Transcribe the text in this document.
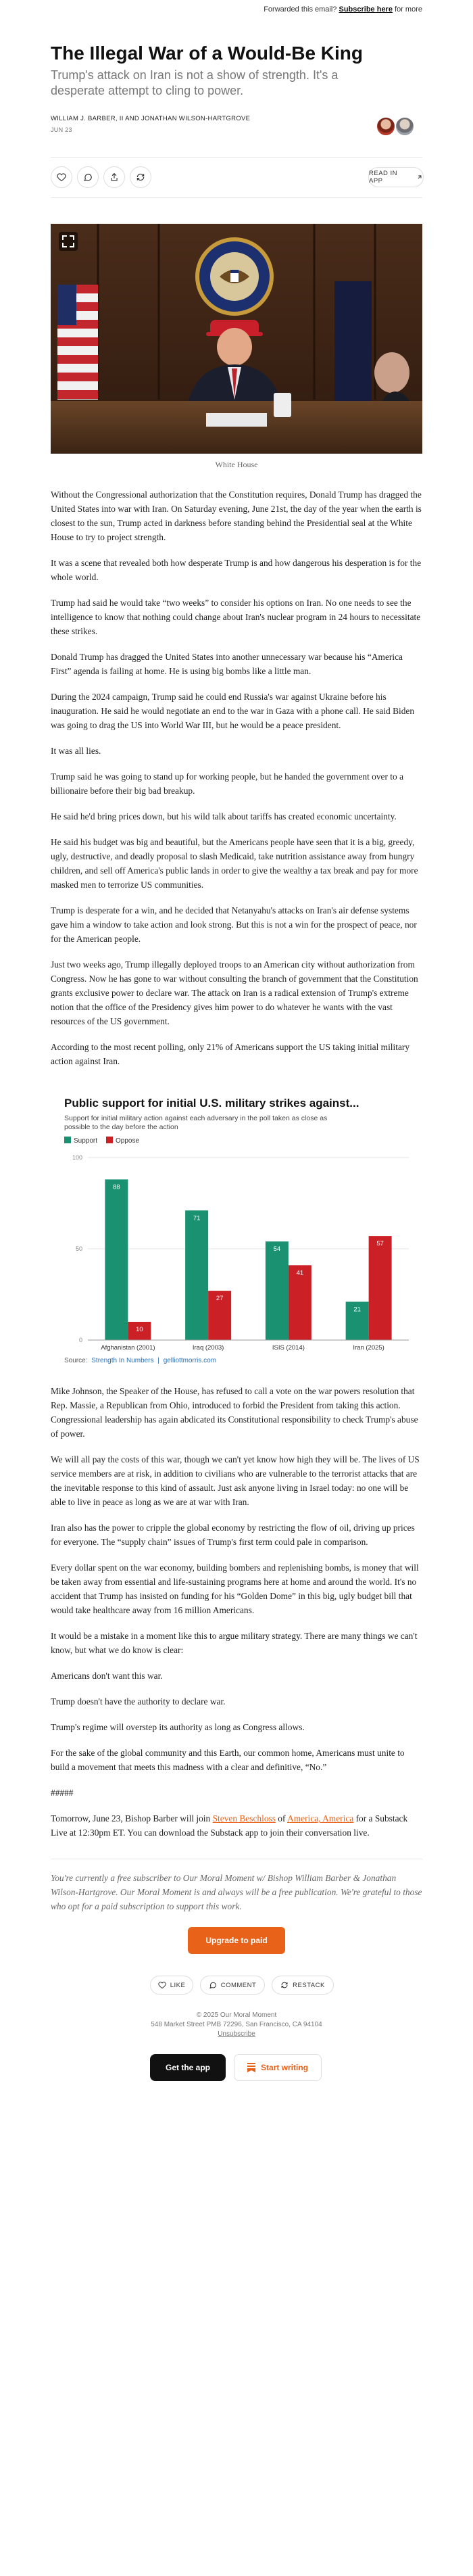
Forwarded this email? Subscribe here for more
The Illegal War of a Would-Be King
Trump's attack on Iran is not a show of strength. It's a desperate attempt to cling to power.
WILLIAM J. BARBER, II AND JONATHAN WILSON-HARTGROVE
JUN 23
READ IN APP
White House

Without the Congressional authorization that the Constitution requires, Donald Trump has dragged the United States into war with Iran. On Saturday evening, June 21st, the day of the year when the earth is closest to the sun, Trump acted in darkness before standing behind the Presidential seal at the White House to try to project strength.

It was a scene that revealed both how desperate Trump is and how dangerous his desperation is for the whole world.

Trump had said he would take “two weeks” to consider his options on Iran. No one needs to see the intelligence to know that nothing could change about Iran's nuclear program in 24 hours to necessitate these strikes.

Donald Trump has dragged the United States into another unnecessary war because his “America First” agenda is failing at home. He is using big bombs like a little man.

During the 2024 campaign, Trump said he could end Russia's war against Ukraine before his inauguration. He said he would negotiate an end to the war in Gaza with a phone call. He said Biden was going to drag the US into World War III, but he would be a peace president.

It was all lies.

Trump said he was going to stand up for working people, but he handed the government over to a billionaire before their big bad breakup.

He said he'd bring prices down, but his wild talk about tariffs has created economic uncertainty.

He said his budget was big and beautiful, but the Americans people have seen that it is a big, greedy, ugly, destructive, and deadly proposal to slash Medicaid, take nutrition assistance away from hungry children, and sell off America's public lands in order to give the wealthy a tax break and pay for more masked men to terrorize US communities.

Trump is desperate for a win, and he decided that Netanyahu's attacks on Iran's air defense systems gave him a window to take action and look strong. But this is not a win for the prospect of peace, nor for the American people.

Public support for initial U.S. military strikes against...
Support for initial military action against each adversary in the poll taken as close as possible to the day before the action
Support	Oppose
0
50
100
88
10
Afghanistan (2001)
71
27
Iraq (2003)
54
41
ISIS (2014)
21
57
Iran (2025)
Source: Strength In Numbers | gelliottmorris.com

Mike Johnson, the Speaker of the House, has refused to call a vote on the war powers resolution that Rep. Massie, a Republican from Ohio, introduced to forbid the President from taking this action. Congressional leadership has again abdicated its Constitutional responsibility to check Trump's abuse of power.

We will all pay the costs of this war, though we can't yet know how high they will be. The lives of US service members are at risk, in addition to civilians who are vulnerable to the terrorist attacks that are the inevitable response to this kind of assault. Just ask anyone living in Israel today: no one will be able to live in peace as long as we are at war with Iran.

Iran also has the power to cripple the global economy by restricting the flow of oil, driving up prices for everyone. The “supply chain” issues of Trump's first term could pale in comparison.

Every dollar spent on the war economy, building bombers and replenishing bombs, is money that will be taken away from essential and life-sustaining programs here at home and around the world. It's no accident that Trump has insisted on funding for his “Golden Dome” in this big, ugly budget bill that would take healthcare away from 16 million Americans.

It would be a mistake in a moment like this to argue military strategy. There are many things we can't know, but what we do know is clear:

Americans don't want this war.

Trump doesn't have the authority to declare war.

Trump's regime will overstep its authority as long as Congress allows.

For the sake of the global community and this Earth, our common home, Americans must unite to build a movement that meets this madness with a clear and definitive, “No.”

#####

Tomorrow, June 23, Bishop Barber will join Steven Beschloss of America, America for a Substack Live at 12:30pm ET. You can download the Substack app to join their conversation live.

You're currently a free subscriber to Our Moral Moment w/ Bishop William Barber & Jonathan Wilson-Hartgrove. Our Moral Moment is and always will be a free publication. We're grateful to those who opt for a paid subscription to support this work.

Upgrade to paid
LIKE	COMMENT	RESTACK
© 2025 Our Moral Moment
548 Market Street PMB 72296, San Francisco, CA 94104
Unsubscribe
Get the app	Start writing

Just two weeks ago, Trump illegally deployed troops to an American city without authorization from Congress. Now he has gone to war without consulting the branch of government that the Constitution grants exclusive power to declare war. The attack on Iran is a radical extension of Trump's extreme notion that the office of the Presidency gives him power to do whatever he wants with the vast resources of the US government.

According to the most recent polling, only 21% of Americans support the US taking initial military action against Iran.
